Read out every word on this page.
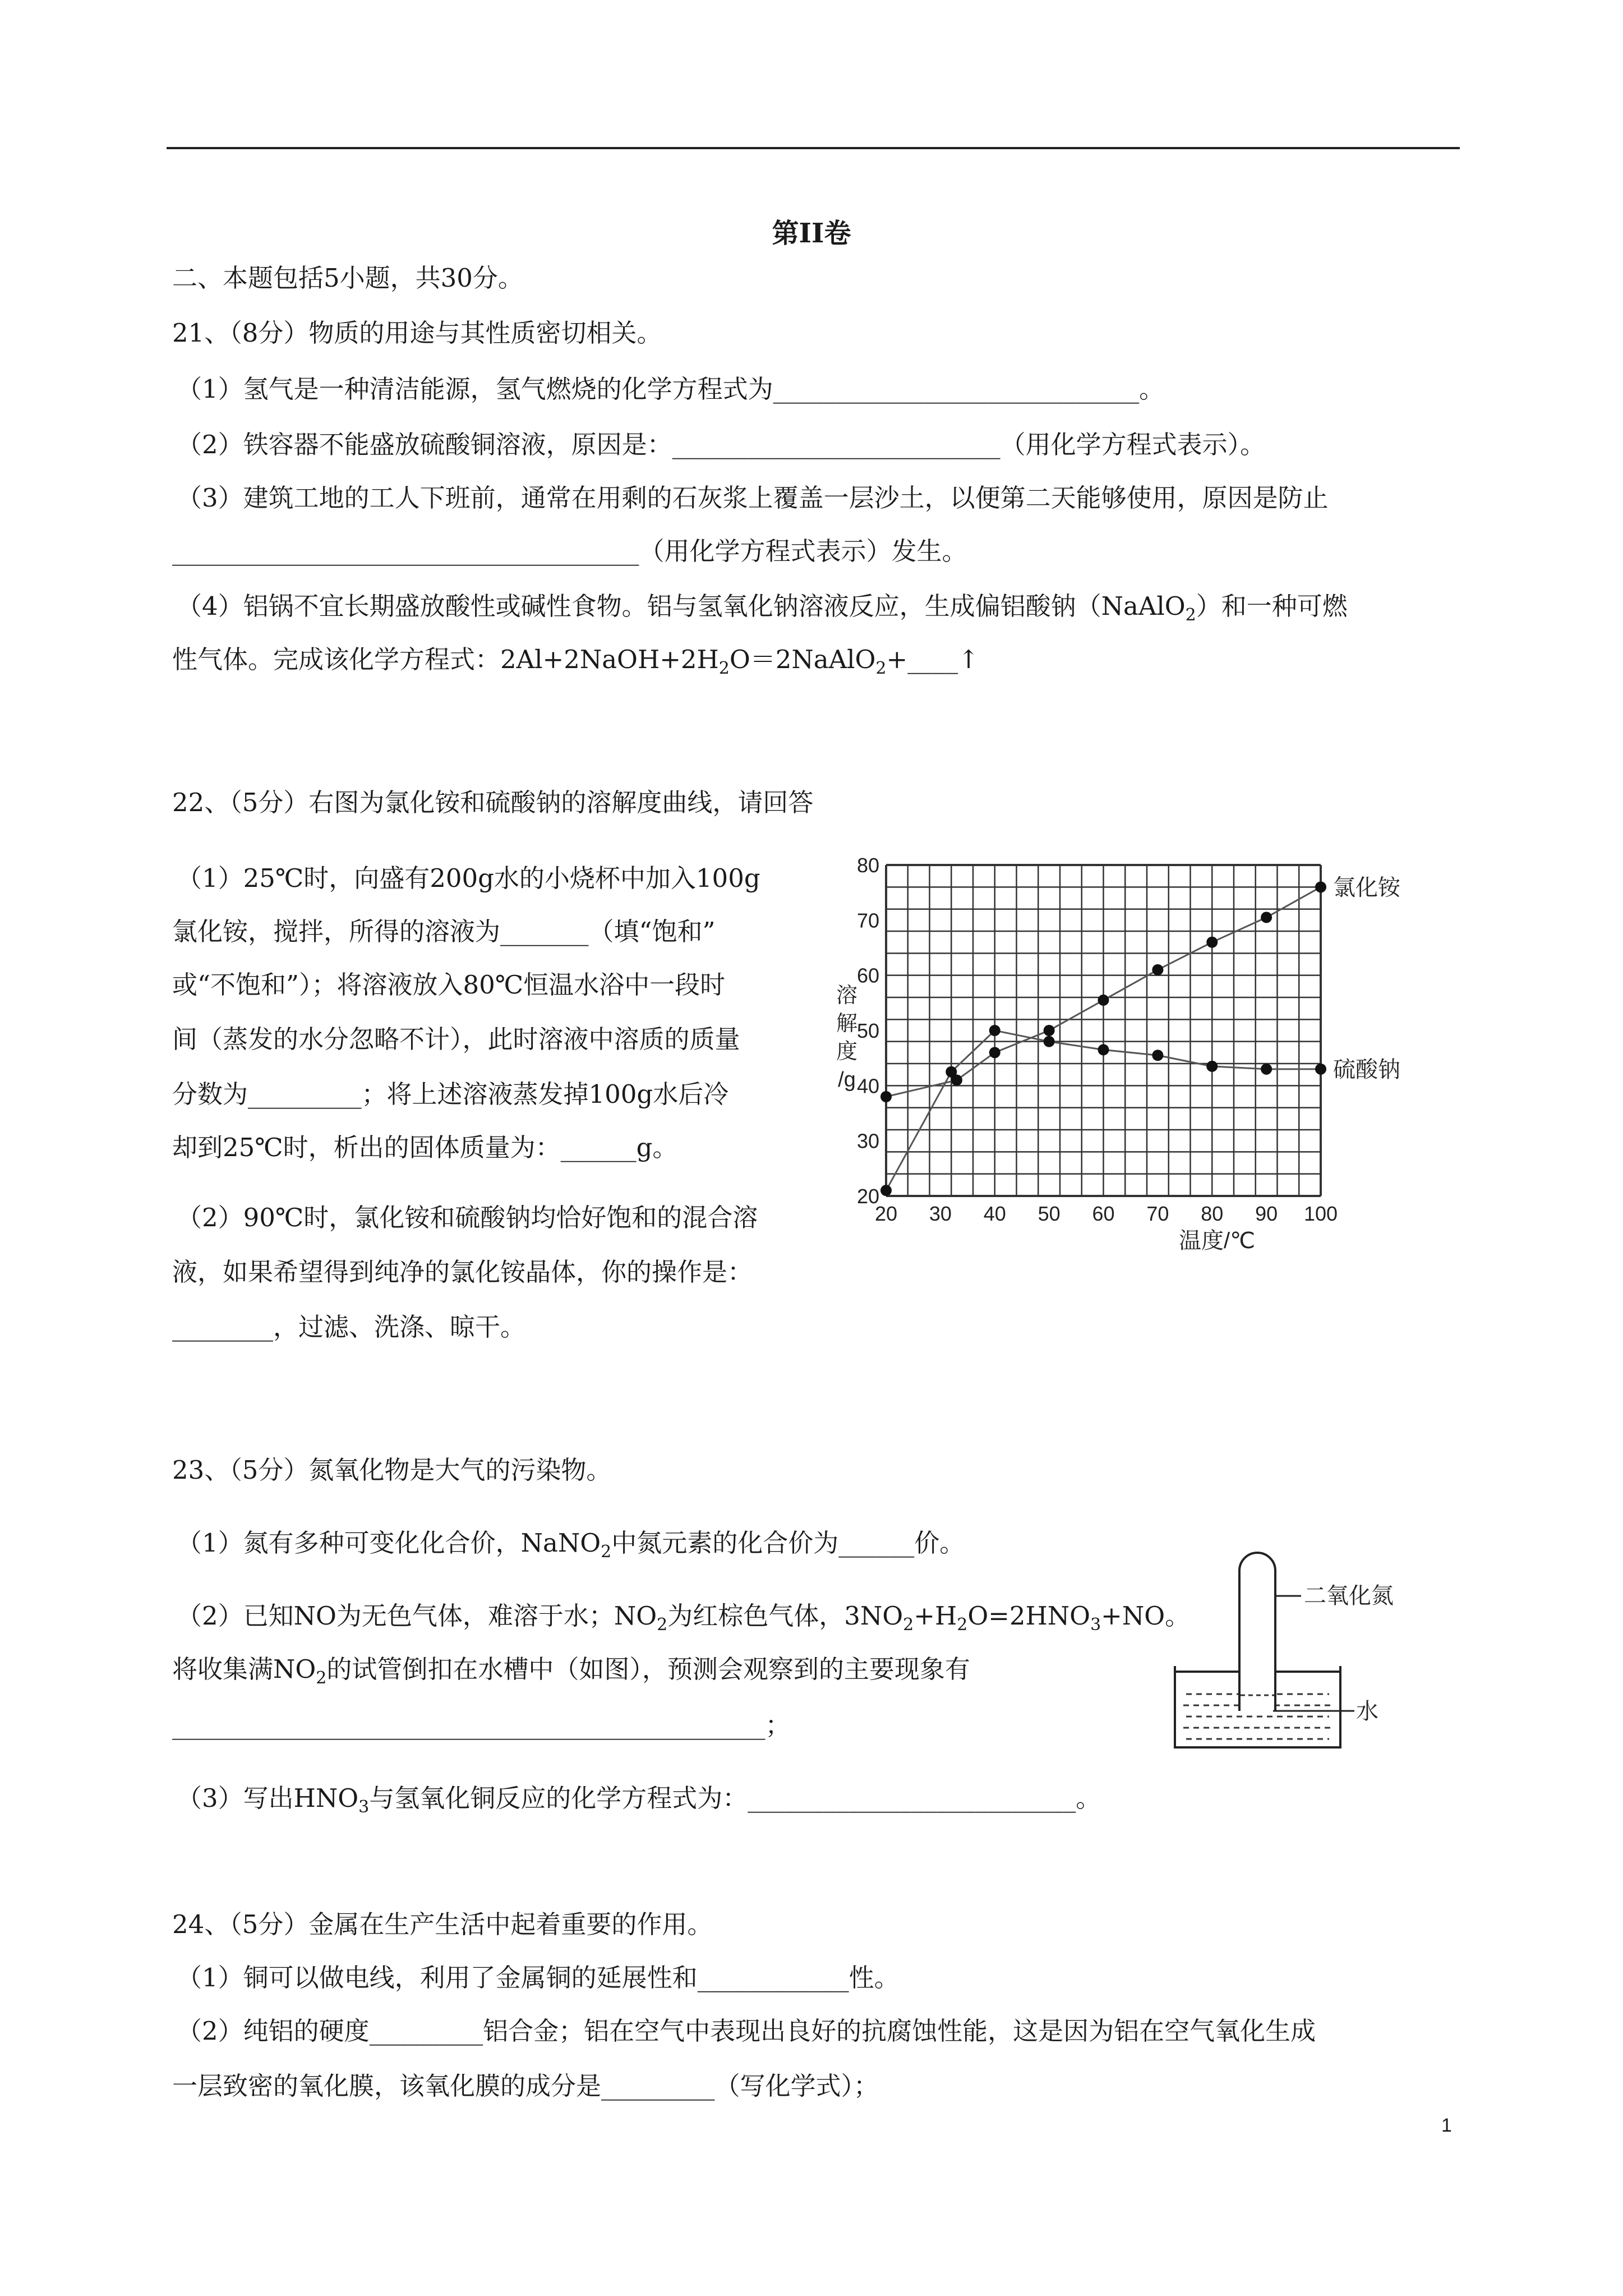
第II卷
二、本题包括5小题，共30分。
21、（8分）物质的用途与其性质密切相关。
（1）氢气是一种清洁能源，氢气燃烧的化学方程式为_____________________________。
（2）铁容器不能盛放硫酸铜溶液，原因是：__________________________（用化学方程式表示）。
（3）建筑工地的工人下班前，通常在用剩的石灰浆上覆盖一层沙土，以便第二天能够使用，原因是防止
_____________________________________（用化学方程式表示）发生。
（4）铝锅不宜长期盛放酸性或碱性食物。铝与氢氧化钠溶液反应，生成偏铝酸钠（NaAlO$_2$）和一种可燃
性气体。完成该化学方程式：$2Al+2NaOH+2H_2O=2NaAlO_2+\_\_\_\_↑$
22、（5分）右图为氯化铵和硫酸钠的溶解度曲线，请回答
（1）25℃时，向盛有200g水的小烧杯中加入100g
氯化铵，搅拌，所得的溶液为_______（填“饱和”
或“不饱和”）；将溶液放入80℃恒温水浴中一段时
间（蒸发的水分忽略不计），此时溶液中溶质的质量
分数为_________；将上述溶液蒸发掉100g水后冷
却到25℃时，析出的固体质量为：______g。
（2）90℃时，氯化铵和硫酸钠均恰好饱和的混合溶
液，如果希望得到纯净的氯化铵晶体，你的操作是：
________，过滤、洗涤、晾干。
20
30
40
50
60
70
80
20 30 40 50 60 70 80 90 100
氯化铵
硫酸钠
溶
解
度
/g
温度/℃
23、（5分）氮氧化物是大气的污染物。
（1）氮有多种可变化化合价，NaNO$_2$中氮元素的化合价为______价。
（2）已知NO为无色气体，难溶于水；$NO_2$为红棕色气体，$3NO_2+H_2O=2HNO_3+NO$。
将收集满$NO_2$的试管倒扣在水槽中（如图），预测会观察到的主要现象有
_______________________________________________；
（3）写出$HNO_3$与氢氧化铜反应的化学方程式为：__________________________。
二氧化氮
水
24、（5分）金属在生产生活中起着重要的作用。
（1）铜可以做电线，利用了金属铜的延展性和____________性。
（2）纯铝的硬度_________铝合金；铝在空气中表现出良好的抗腐蚀性能，这是因为铝在空气氧化生成
一层致密的氧化膜，该氧化膜的成分是_________（写化学式）；
1
